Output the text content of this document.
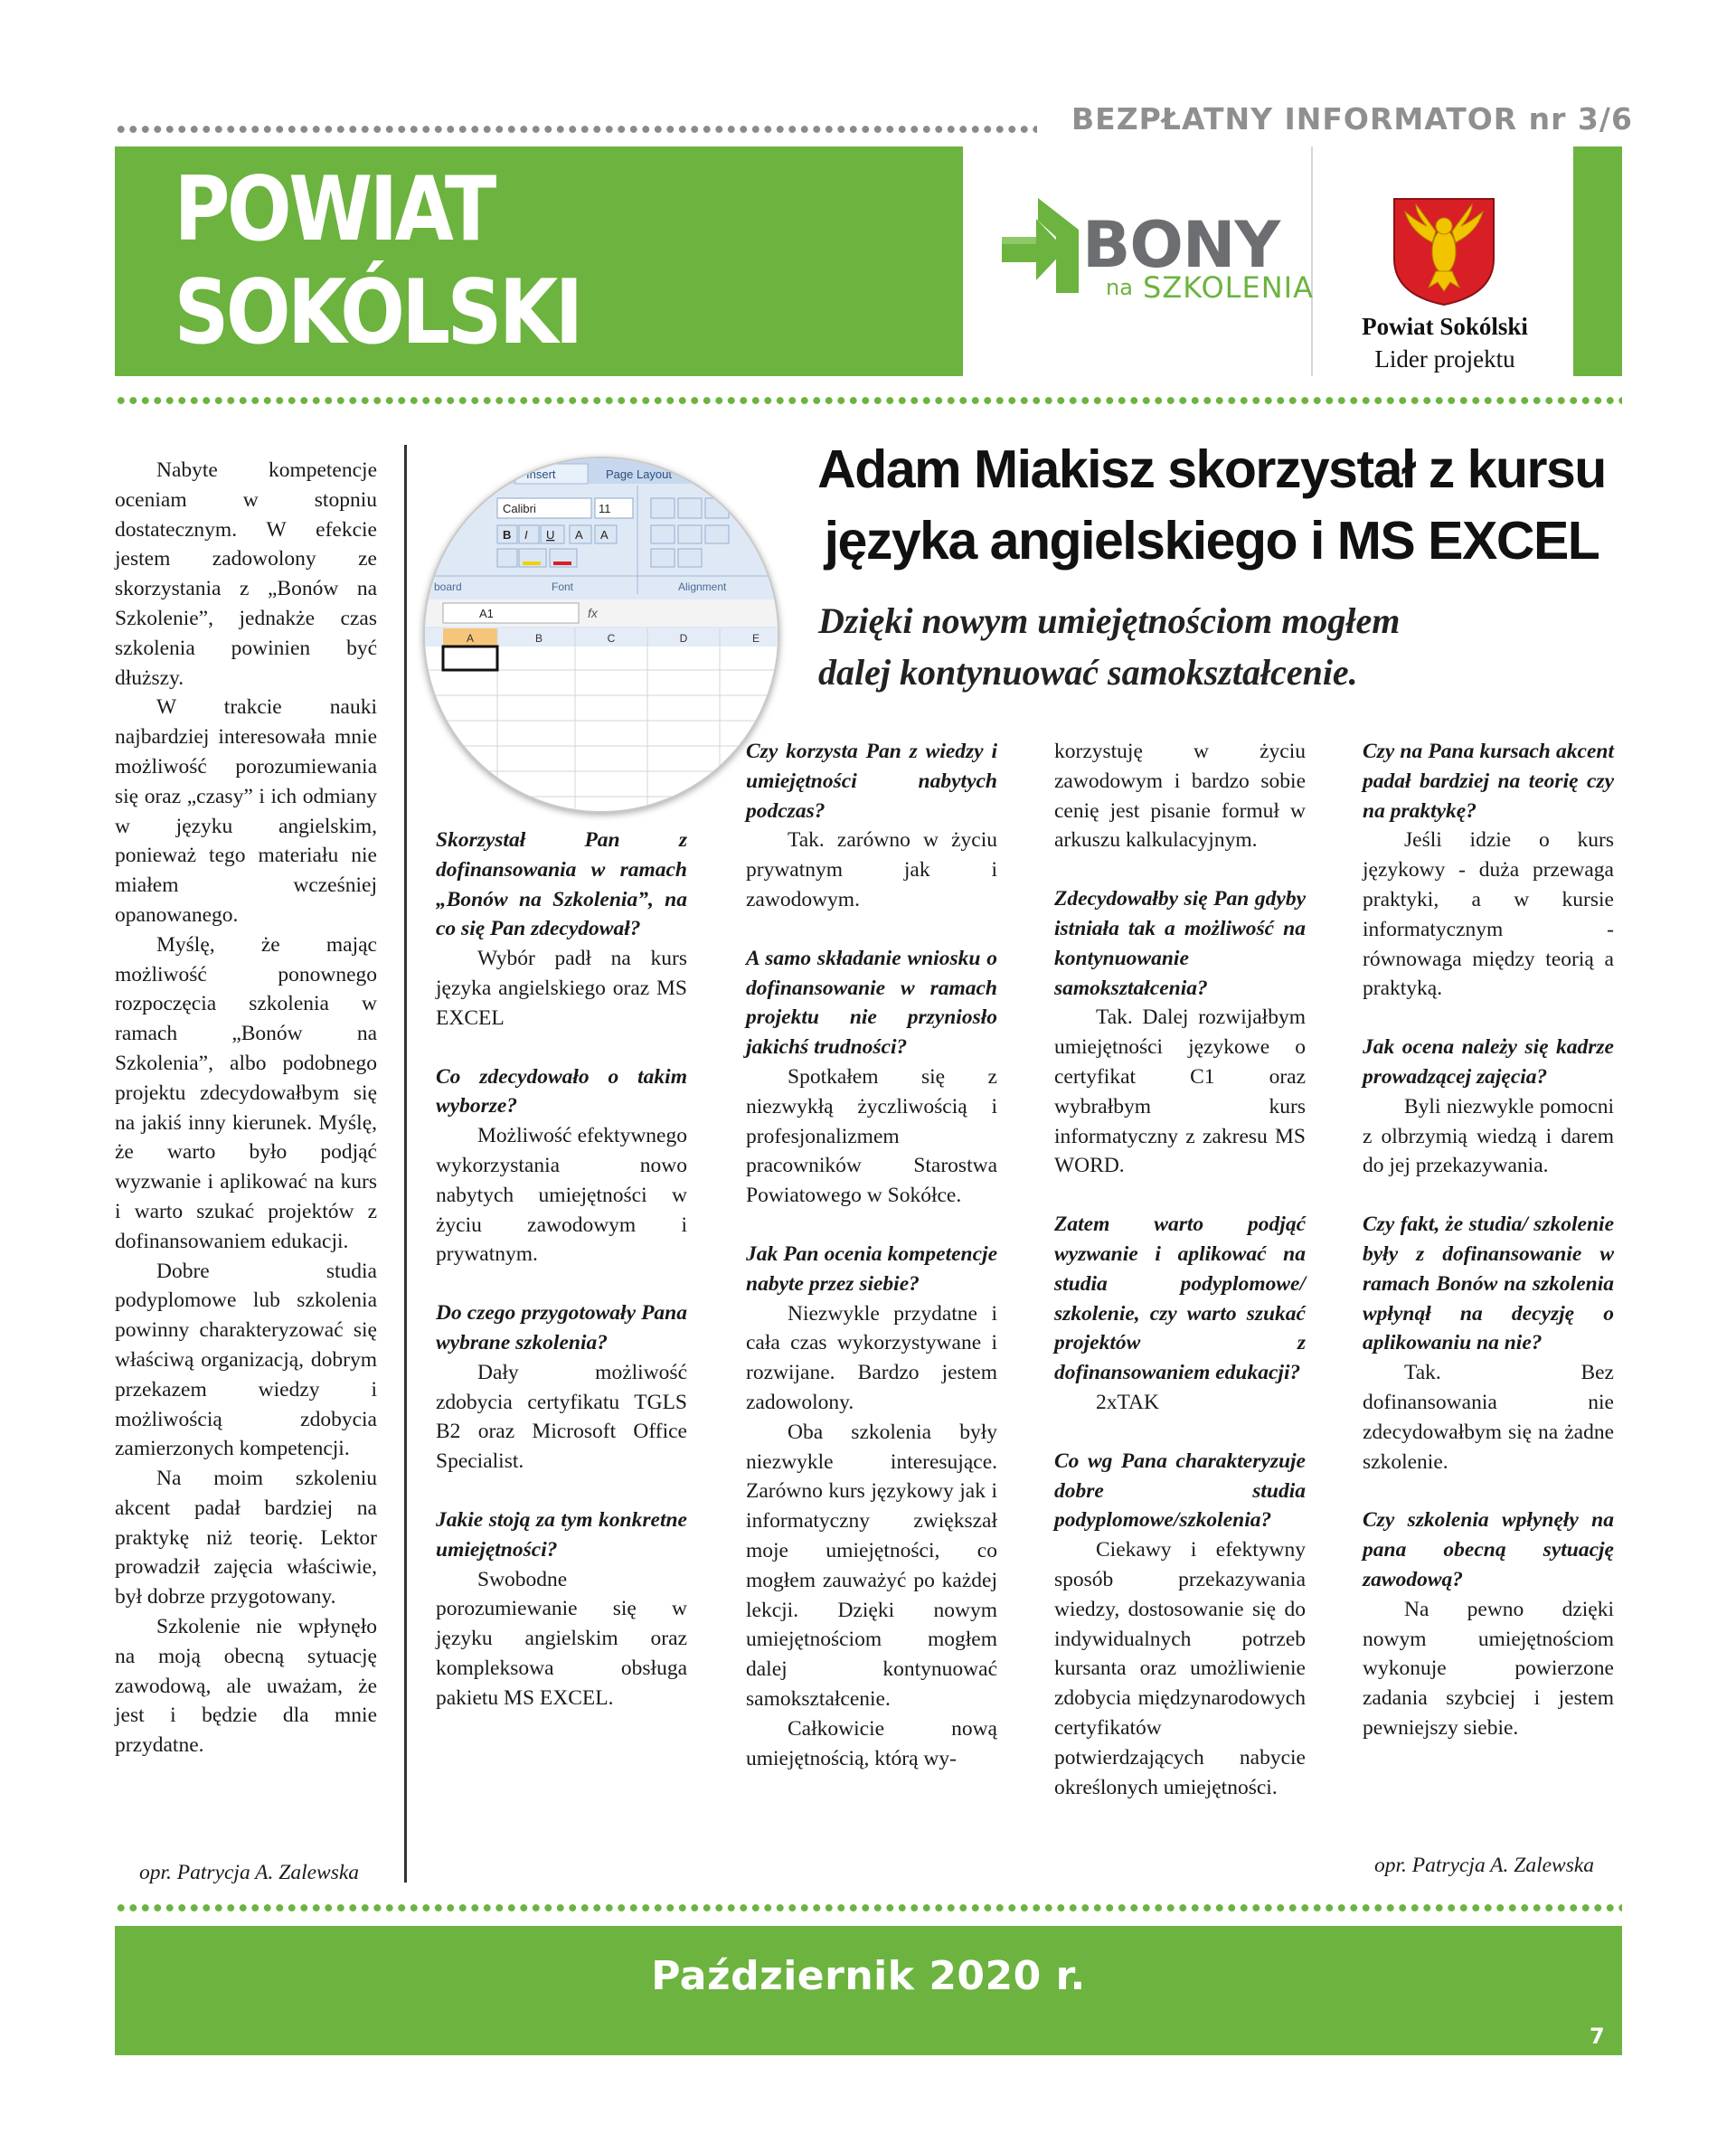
BEZPŁATNY INFORMATOR nr 3/6
POWIAT SOKÓLSKI
BONY
na SZKOLENIA
Powiat Sokólski
Lider projektu
Adam Miakisz skorzystał z kursu
języka angielskiego i MS EXCEL
Dzięki nowym umiejętnościom mogłem
dalej kontynuować samokształcenie.
Insert	Page Layout
Calibri	11
B I U A A
board	Font	Alignment
A1	fx
A	B	C	D	E

Nabyte kompetencje oceniam w stopniu dostatecznym. W efekcie jestem zadowolony ze skorzystania z „Bonów na Szkolenie”, jednakże czas szkolenia powinien być dłuższy.

W trakcie nauki najbardziej interesowała mnie możliwość porozumiewania się oraz „czasy” i ich odmiany w języku angielskim, ponieważ tego materiału nie miałem wcześniej opanowanego.

Myślę, że mając możliwość ponownego rozpoczęcia szkolenia w ramach „Bonów na Szkolenia”, albo podobnego projektu zdecydowałbym się na jakiś inny kierunek. Myślę, że warto było podjąć wyzwanie i aplikować na kurs i warto szukać projektów z dofinansowaniem edukacji.

Dobre studia podyplomowe lub szkolenia powinny charakteryzować się właściwą organizacją, dobrym przekazem wiedzy i możliwością zdobycia zamierzonych kompetencji.

Na moim szkoleniu akcent padał bardziej na praktykę niż teorię. Lektor prowadził zajęcia właściwie, był dobrze przygotowany.

Szkolenie nie wpłynęło na moją obecną sytuację zawodową, ale uważam, że jest i będzie dla mnie przydatne.

opr. Patrycja A. Zalewska

Skorzystał Pan z dofinansowania w ramach „Bonów na Szkolenia”, na co się Pan zdecydował?

Wybór padł na kurs języka angielskiego oraz MS EXCEL

Co zdecydowało o takim wyborze?

Możliwość efektywnego wykorzystania nowo nabytych umiejętności w życiu zawodowym i prywatnym.

Do czego przygotowały Pana wybrane szkolenia?

Dały możliwość zdobycia certyfikatu TGLS B2 oraz Microsoft Office Specialist.

Jakie stoją za tym konkretne umiejętności?

Swobodne porozumiewanie się w języku angielskim oraz kompleksowa obsługa pakietu MS EXCEL.

Czy korzysta Pan z wiedzy i umiejętności nabytych podczas?

Tak. zarówno w życiu prywatnym jak i zawodowym.

A samo składanie wniosku o dofinansowanie w ramach projektu nie przyniosło jakichś trudności?

Spotkałem się z niezwykłą życzliwością i profesjonalizmem pracowników Starostwa Powiatowego w Sokółce.

Jak Pan ocenia kompetencje nabyte przez siebie?

Niezwykle przydatne i cała czas wykorzystywane i rozwijane. Bardzo jestem zadowolony.

Oba szkolenia były niezwykle interesujące. Zarówno kurs językowy jak i informatyczny zwiększał moje umiejętności, co mogłem zauważyć po każdej lekcji. Dzięki nowym umiejętnościom mogłem dalej kontynuować samokształcenie.

Całkowicie nową umiejętnością, którą wy-

korzystuję w życiu zawodowym i bardzo sobie cenię jest pisanie formuł w arkuszu kalkulacyjnym.

Zdecydowałby się Pan gdyby istniała tak a możliwość na kontynuowanie samokształcenia?

Tak. Dalej rozwijałbym umiejętności językowe o certyfikat C1 oraz wybrałbym kurs informatyczny z zakresu MS WORD.

Zatem warto podjąć wyzwanie i aplikować na studia podyplomowe/ szkolenie, czy warto szukać projektów z dofinansowaniem edukacji?

2xTAK

Co wg Pana charakteryzuje dobre studia podyplomowe/szkolenia?

Ciekawy i efektywny sposób przekazywania wiedzy, dostosowanie się do indywidualnych potrzeb kursanta oraz umożliwienie zdobycia międzynarodowych certyfikatów potwierdzających nabycie określonych umiejętności.

Czy na Pana kursach akcent padał bardziej na teorię czy na praktykę?

Jeśli idzie o kurs językowy - duża przewaga praktyki, a w kursie informatycznym - równowaga między teorią a praktyką.

Jak ocena należy się kadrze prowadzącej zajęcia?

Byli niezwykle pomocni z olbrzymią wiedzą i darem do jej przekazywania.

Czy fakt, że studia/ szkolenie były z dofinansowanie w ramach Bonów na szkolenia wpłynął na decyzję o aplikowaniu na nie?

Tak. Bez dofinansowania nie zdecydowałbym się na żadne szkolenie.

Czy szkolenia wpłynęły na pana obecną sytuację zawodową?

Na pewno dzięki nowym umiejętnościom wykonuje powierzone zadania szybciej i jestem pewniejszy siebie.

opr. Patrycja A. Zalewska
Październik 2020 r.
7
